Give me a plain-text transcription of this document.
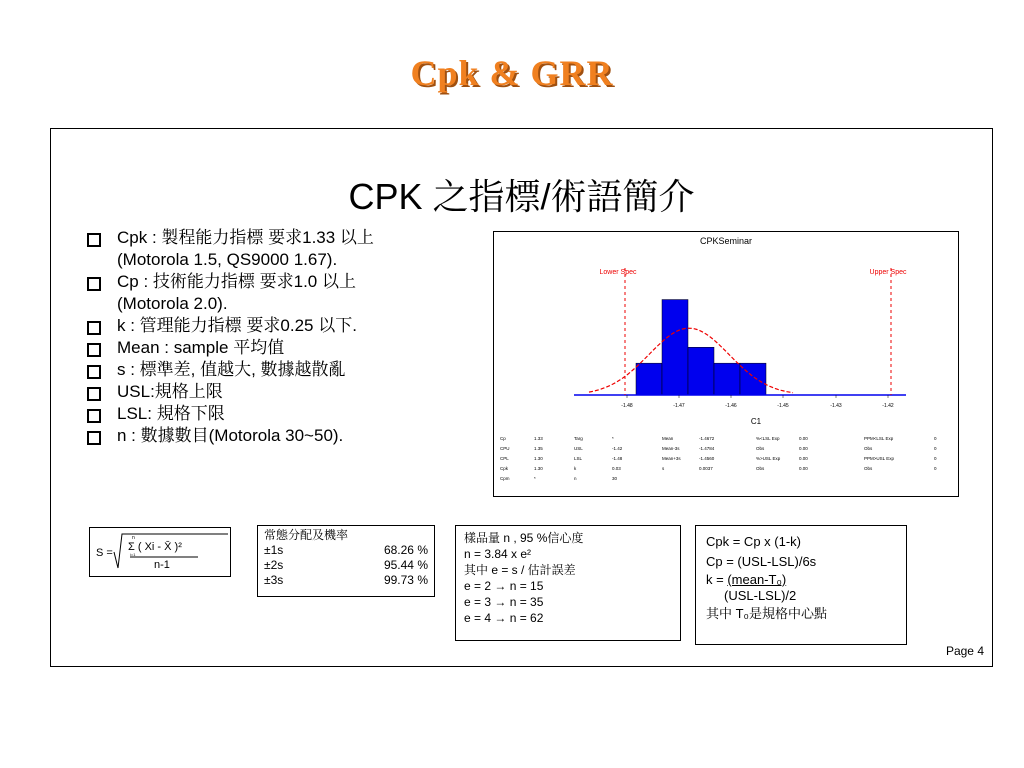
Cpk & GRR
CPK 之指標/術語簡介
Cpk : 製程能力指標 要求1.33 以上
(Motorola 1.5, QS9000 1.67).
Cp : 技術能力指標 要求1.0 以上
(Motorola 2.0).
k : 管理能力指標 要求0.25 以下.
Mean : sample 平均值
s : 標準差, 值越大, 數據越散亂
USL:規格上限
LSL: 規格下限
n : 數據數目(Motorola 30~50).
CPKSeminar
Lower Spec	Upper Spec
C1
Cp	1.33	Targ	*	Mean	-1.4672	%<LSL Exp	0.00	PPM<LSL Exp	0
CPU	1.35	USL	-1.42	Mean-3s	-1.4784	Obs	0.00	Obs	0
CPL	1.30	LSL	-1.48	Mean+3s	-1.4560	%>USL Exp	0.00	PPM>USL Exp	0
Cpk	1.30	k	0.03	s	0.0037	Obs	0.00	Obs	0
Cpm	*	n	30
-1.48	-1.47	-1.46	-1.45	-1.43	-1.42
S =
n
Σ ( Xi - X̄ )²
i=1
n-1
常態分配及機率
±1s	68.26 %
±2s	95.44 %
±3s	99.73 %
樣品量 n , 95 %信心度
n = 3.84 x e²
其中 e = s / 估計誤差
e = 2 → n = 15
e = 3 → n = 35
e = 4 → n = 62
Cpk = Cp x (1-k)
Cp = (USL-LSL)/6s
k = (mean-T₀)
(USL-LSL)/2
其中 T₀是規格中心點
Page 4
